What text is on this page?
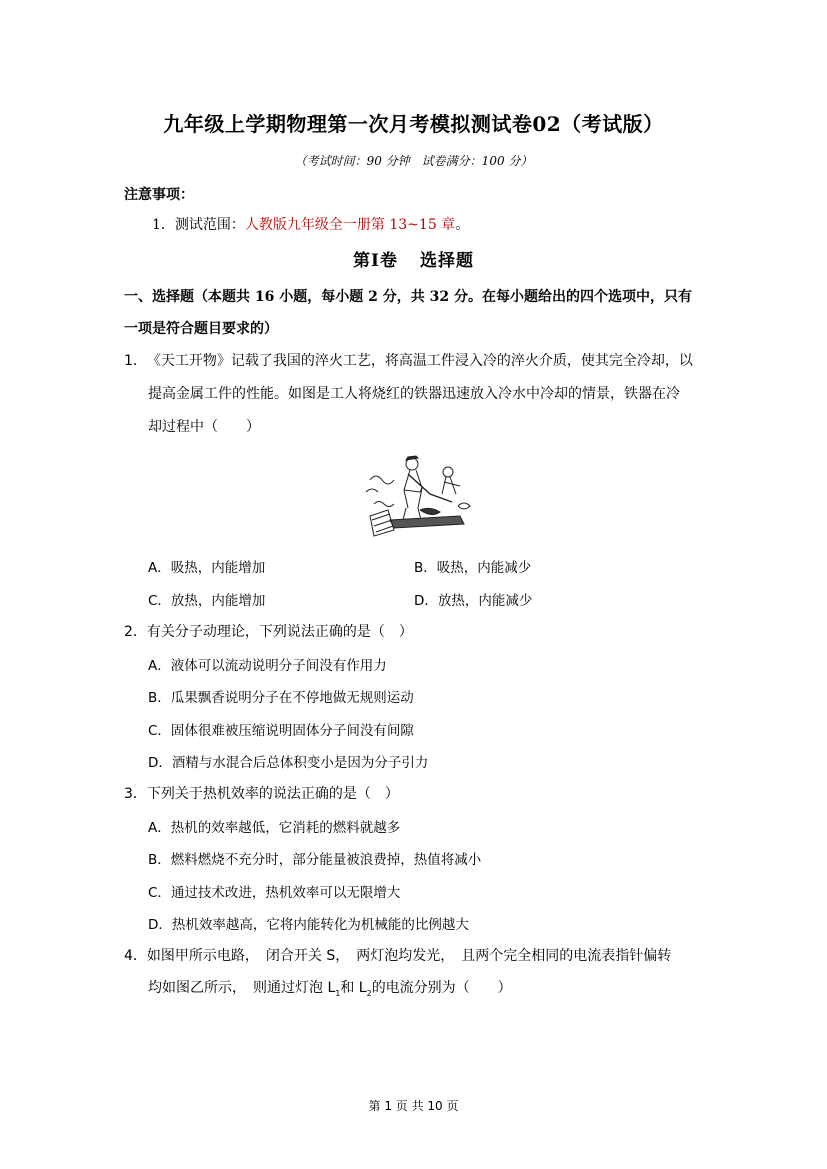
九年级上学期物理第一次月考模拟测试卷02（考试版）
（考试时间：90 分钟　试卷满分：100 分）
注意事项：
1．测试范围：人教版九年级全一册第 13~15 章。
第Ⅰ卷 选择题
一、选择题（本题共 16 小题，每小题 2 分，共 32 分。在每小题给出的四个选项中，只有
一项是符合题目要求的）
1．《天工开物》记载了我国的淬火工艺，将高温工件浸入冷的淬火介质，使其完全冷却，以
提高金属工件的性能。如图是工人将烧红的铁器迅速放入冷水中冷却的情景，铁器在冷
却过程中（　　）
A．吸热，内能增加	B．吸热，内能减少
C．放热，内能增加	D．放热，内能减少
2．有关分子动理论，下列说法正确的是（　）
A．液体可以流动说明分子间没有作用力
B．瓜果飘香说明分子在不停地做无规则运动
C．固体很难被压缩说明固体分子间没有间隙
D．酒精与水混合后总体积变小是因为分子引力
3．下列关于热机效率的说法正确的是（　）
A．热机的效率越低，它消耗的燃料就越多
B．燃料燃烧不充分时，部分能量被浪费掉，热值将减小
C．通过技术改进，热机效率可以无限增大
D．热机效率越高，它将内能转化为机械能的比例越大
4．如图甲所示电路，　闭合开关 S，　两灯泡均发光，　且两个完全相同的电流表指针偏转
均如图乙所示，　则通过灯泡 $L_1$和 $L_2$的电流分别为（　　）
第 1 页 共 10 页
